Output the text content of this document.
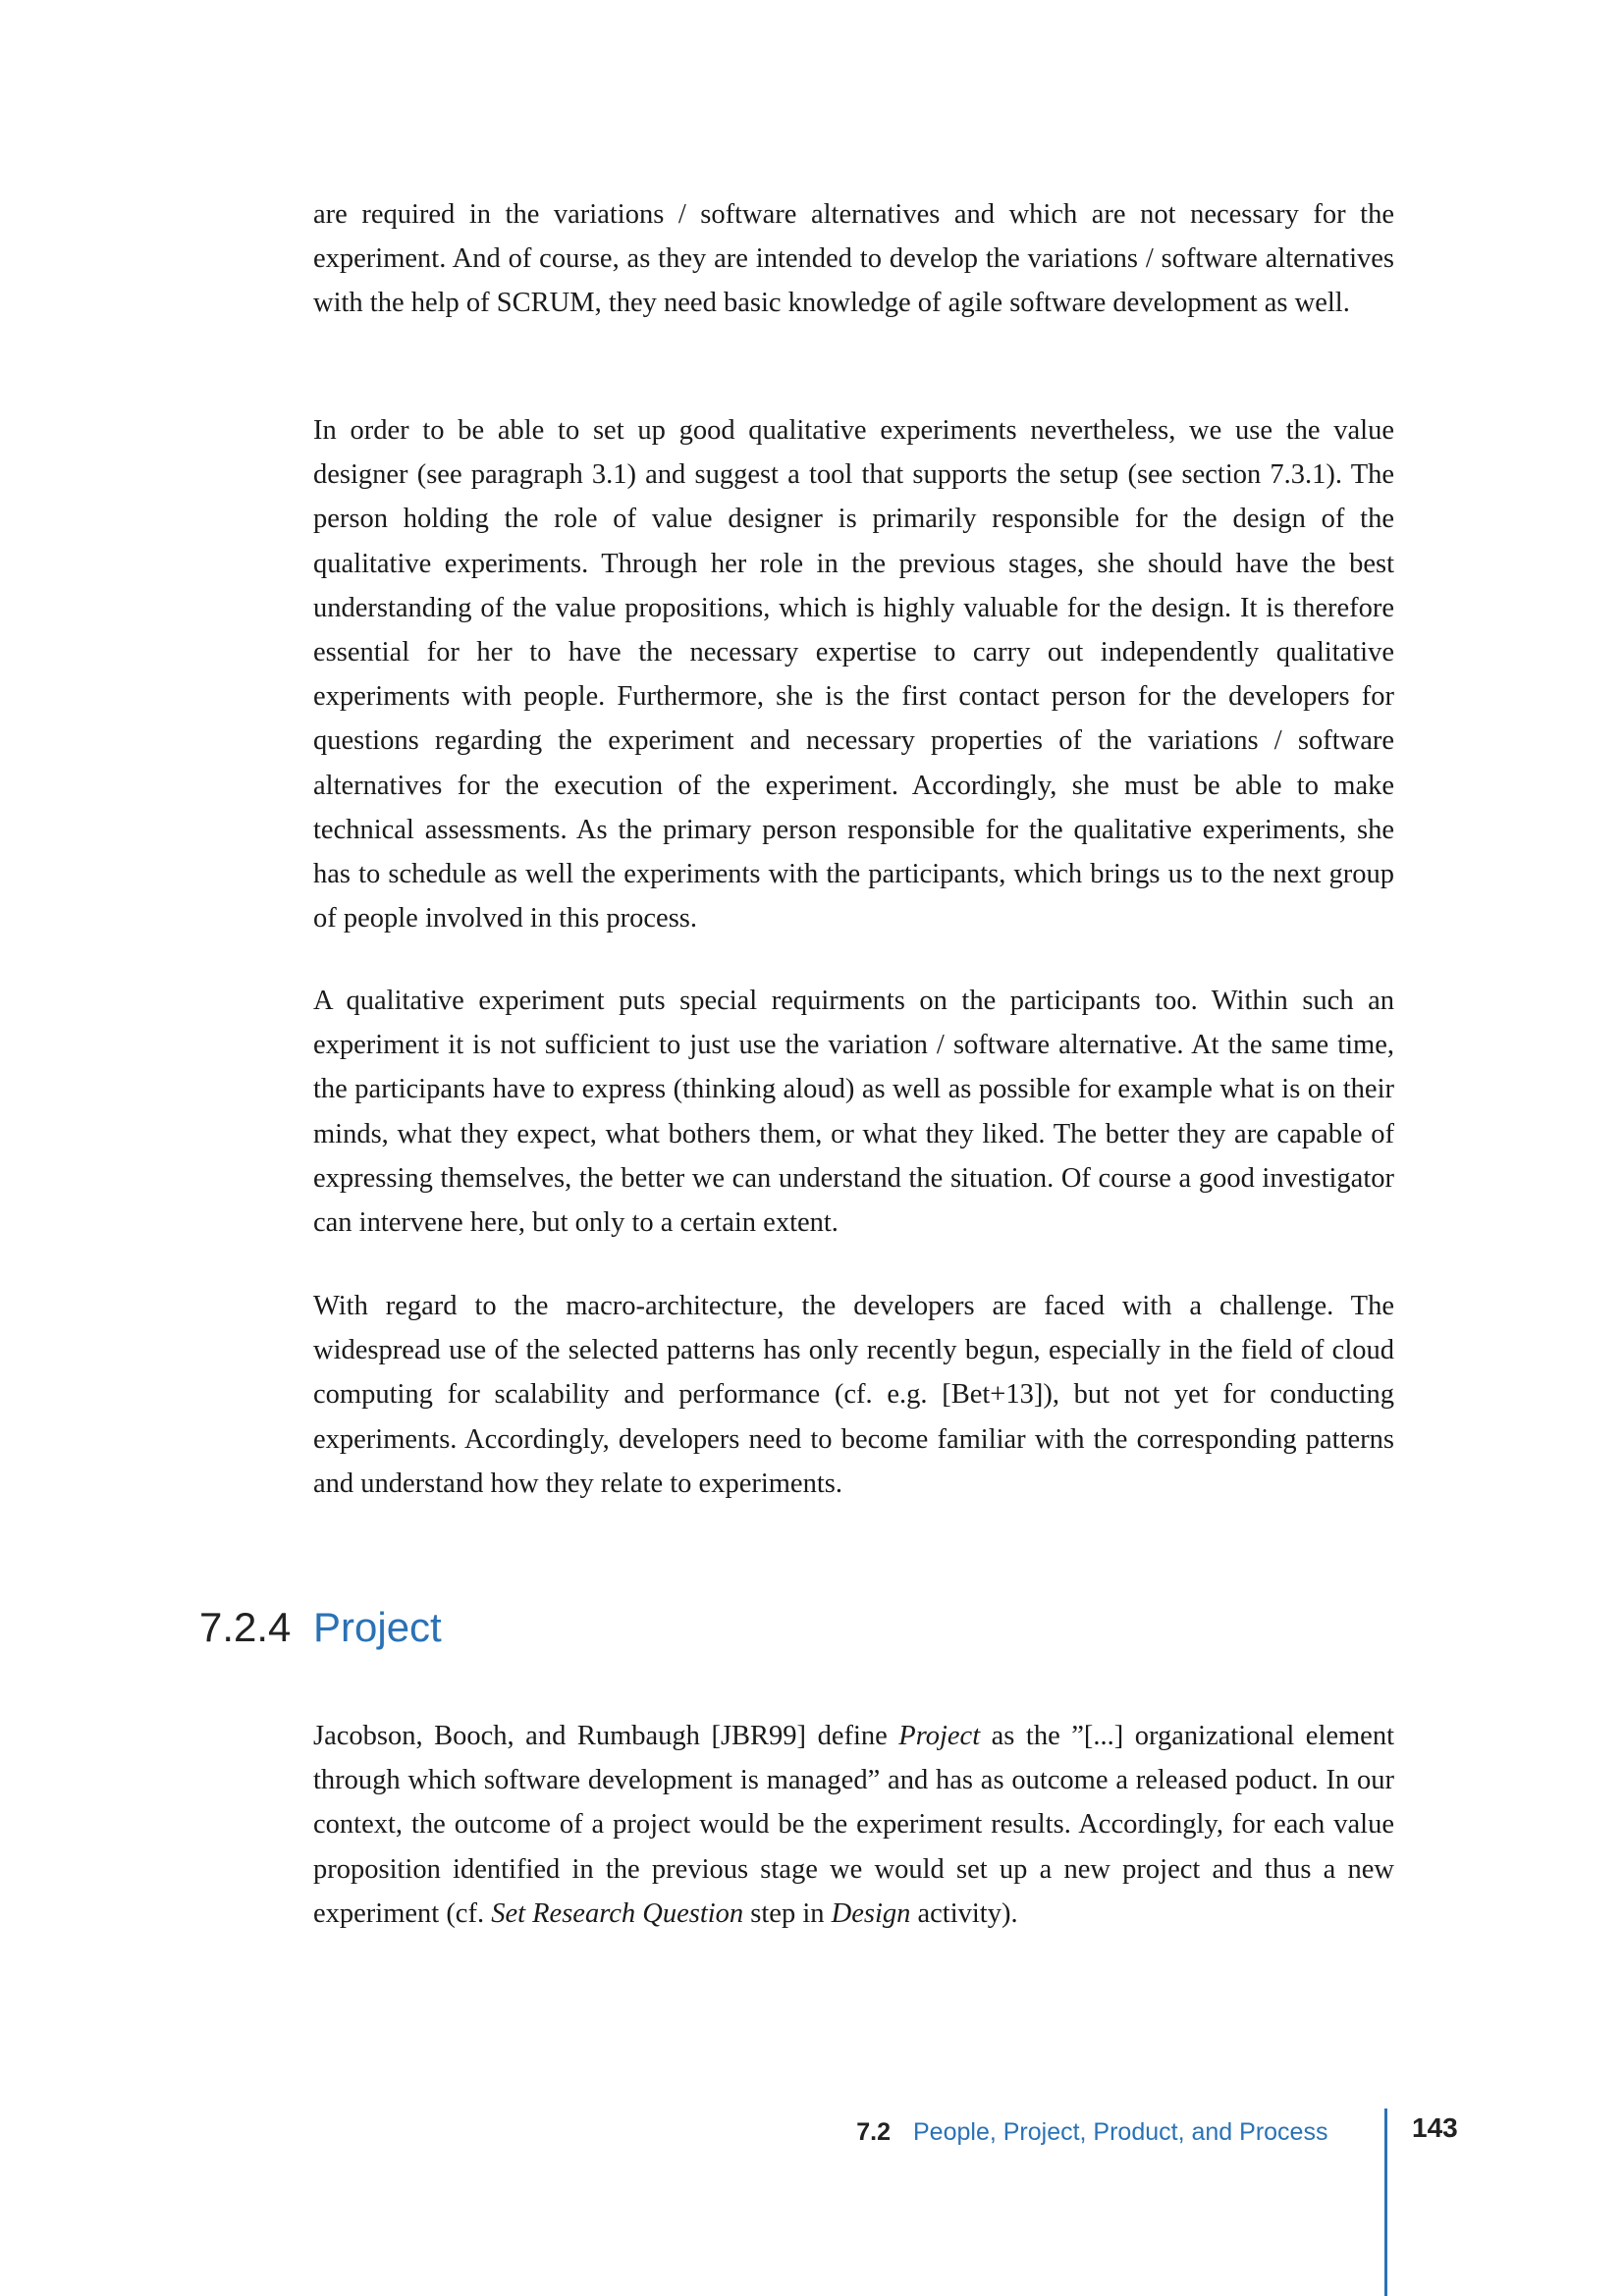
are required in the variations / software alternatives and which are not necessary for the experiment. And of course, as they are intended to develop the variations / software alternatives with the help of SCRUM, they need basic knowledge of agile software development as well.

In order to be able to set up good qualitative experiments nevertheless, we use the value designer (see paragraph 3.1) and suggest a tool that supports the setup (see section 7.3.1). The person holding the role of value designer is primarily responsible for the design of the qualitative experiments. Through her role in the previous stages, she should have the best understanding of the value propositions, which is highly valuable for the design. It is therefore essential for her to have the necessary expertise to carry out independently qualitative experiments with people. Furthermore, she is the first contact person for the developers for questions regarding the experiment and necessary properties of the variations / software alternatives for the execution of the experiment. Accordingly, she must be able to make technical assessments. As the primary person responsible for the qualitative experiments, she has to schedule as well the experiments with the participants, which brings us to the next group of people involved in this process.

A qualitative experiment puts special requirments on the participants too. Within such an experiment it is not sufficient to just use the variation / software alternative. At the same time, the participants have to express (thinking aloud) as well as possible for example what is on their minds, what they expect, what bothers them, or what they liked. The better they are capable of expressing themselves, the better we can understand the situation. Of course a good investigator can intervene here, but only to a certain extent.

With regard to the macro-architecture, the developers are faced with a challenge. The widespread use of the selected patterns has only recently begun, especially in the field of cloud computing for scalability and performance (cf. e.g. [Bet+13]), but not yet for conducting experiments. Accordingly, developers need to become familiar with the corresponding patterns and understand how they relate to experiments.

7.2.4 Project

Jacobson, Booch, and Rumbaugh [JBR99] define Project as the ”[...] organizational element through which software development is managed” and has as outcome a released poduct. In our context, the outcome of a project would be the experiment results. Accordingly, for each value proposition identified in the previous stage we would set up a new project and thus a new experiment (cf. Set Research Question step in Design activity).

7.2 People, Project, Product, and Process	143
